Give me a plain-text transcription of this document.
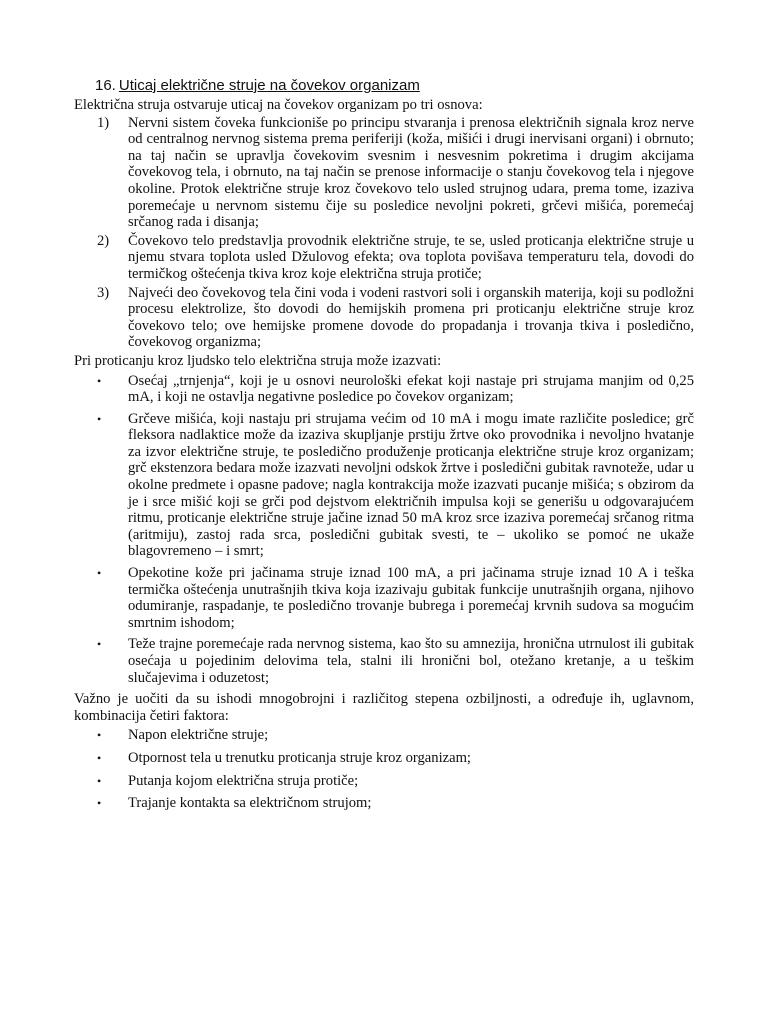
16. Uticaj električne struje na čovekov organizam

Električna struja ostvaruje uticaj na čovekov organizam po tri osnova:

1) Nervni sistem čoveka funkcioniše po principu stvaranja i prenosa električnih signala kroz nerve od centralnog nervnog sistema prema periferiji (koža, mišići i drugi inervisani organi) i obrnuto; na taj način se upravlja čovekovim svesnim i nesvesnim pokretima i drugim akcijama čovekovog tela, i obrnuto, na taj način se prenose informacije o stanju čovekovog tela i njegove okoline. Protok električne struje kroz čovekovo telo usled strujnog udara, prema tome, izaziva poremećaje u nervnom sistemu čije su posledice nevoljni pokreti, grčevi mišića, poremećaj srčanog rada i disanja;
2) Čovekovo telo predstavlja provodnik električne struje, te se, usled proticanja električne struje u njemu stvara toplota usled Džulovog efekta; ova toplota povišava temperaturu tela, dovodi do termičkog oštećenja tkiva kroz koje električna struja protiče;
3) Najveći deo čovekovog tela čini voda i vodeni rastvori soli i organskih materija, koji su podložni procesu elektrolize, što dovodi do hemijskih promena pri proticanju električne struje kroz čovekovo telo; ove hemijske promene dovode do propadanja i trovanja tkiva i posledično, čovekovog organizma;

Pri proticanju kroz ljudsko telo električna struja može izazvati:

• Osećaj „trnjenja“, koji je u osnovi neurološki efekat koji nastaje pri strujama manjim od 0,25 mA, i koji ne ostavlja negativne posledice po čovekov organizam;
• Grčeve mišića, koji nastaju pri strujama većim od 10 mA i mogu imate različite posledice; grč fleksora nadlaktice može da izaziva skupljanje prstiju žrtve oko provodnika i nevoljno hvatanje za izvor električne struje, te posledično produženje proticanja električne struje kroz organizam; grč ekstenzora bedara može izazvati nevoljni odskok žrtve i posledični gubitak ravnoteže, udar u okolne predmete i opasne padove; nagla kontrakcija može izazvati pucanje mišića; s obzirom da je i srce mišić koji se grči pod dejstvom električnih impulsa koji se generišu u odgovarajućem ritmu, proticanje električne struje jačine iznad 50 mA kroz srce izaziva poremećaj srčanog ritma (aritmiju), zastoj rada srca, posledični gubitak svesti, te – ukoliko se pomoć ne ukaže blagovremeno – i smrt;
• Opekotine kože pri jačinama struje iznad 100 mA, a pri jačinama struje iznad 10 A i teška termička oštećenja unutrašnjih tkiva koja izazivaju gubitak funkcije unutrašnjih organa, njihovo odumiranje, raspadanje, te posledično trovanje bubrega i poremećaj krvnih sudova sa mogućim smrtnim ishodom;
• Teže trajne poremećaje rada nervnog sistema, kao što su amnezija, hronična utrnulost ili gubitak osećaja u pojedinim delovima tela, stalni ili hronični bol, otežano kretanje, a u teškim slučajevima i oduzetost;

Važno je uočiti da su ishodi mnogobrojni i različitog stepena ozbiljnosti, a određuje ih, uglavnom, kombinacija četiri faktora:

• Napon električne struje;
• Otpornost tela u trenutku proticanja struje kroz organizam;
• Putanja kojom električna struja protiče;
• Trajanje kontakta sa električnom strujom;
